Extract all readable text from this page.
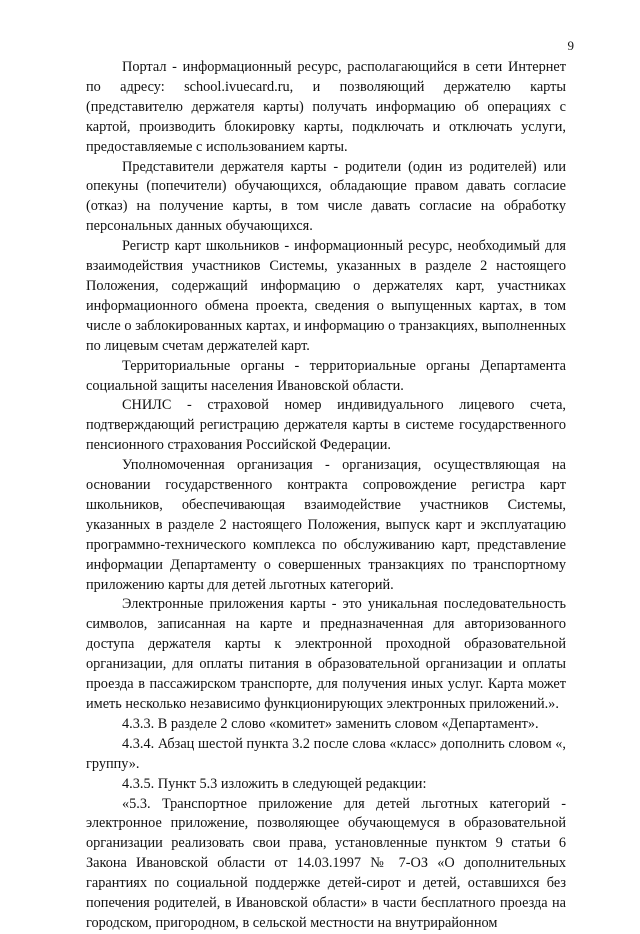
9

Портал - информационный ресурс, располагающийся в сети Интернет по адресу: school.ivuecard.ru, и позволяющий держателю карты (представителю держателя карты) получать информацию об операциях с картой, производить блокировку карты, подключать и отключать услуги, предоставляемые с использованием карты.

Представители держателя карты - родители (один из родителей) или опекуны (попечители) обучающихся, обладающие правом давать согласие (отказ) на получение карты, в том числе давать согласие на обработку персональных данных обучающихся.

Регистр карт школьников - информационный ресурс, необходимый для взаимодействия участников Системы, указанных в разделе 2 настоящего Положения, содержащий информацию о держателях карт, участниках информационного обмена проекта, сведения о выпущенных картах, в том числе о заблокированных картах, и информацию о транзакциях, выполненных по лицевым счетам держателей карт.

Территориальные органы - территориальные органы Департамента социальной защиты населения Ивановской области.

СНИЛС - страховой номер индивидуального лицевого счета, подтверждающий регистрацию держателя карты в системе государственного пенсионного страхования Российской Федерации.

Уполномоченная организация - организация, осуществляющая на основании государственного контракта сопровождение регистра карт школьников, обеспечивающая взаимодействие участников Системы, указанных в разделе 2 настоящего Положения, выпуск карт и эксплуатацию программно-технического комплекса по обслуживанию карт, представление информации Департаменту о совершенных транзакциях по транспортному приложению карты для детей льготных категорий.

Электронные приложения карты - это уникальная последовательность символов, записанная на карте и предназначенная для авторизованного доступа держателя карты к электронной проходной образовательной организации, для оплаты питания в образовательной организации и оплаты проезда в пассажирском транспорте, для получения иных услуг. Карта может иметь несколько независимо функционирующих электронных приложений.».

4.3.3. В разделе 2 слово «комитет» заменить словом «Департамент».

4.3.4. Абзац шестой пункта 3.2 после слова «класс» дополнить словом «, группу».

4.3.5. Пункт 5.3 изложить в следующей редакции:

«5.3. Транспортное приложение для детей льготных категорий - электронное приложение, позволяющее обучающемуся в образовательной организации реализовать свои права, установленные пунктом 9 статьи 6 Закона Ивановской области от 14.03.1997 № 7-ОЗ «О дополнительных гарантиях по социальной поддержке детей-сирот и детей, оставшихся без попечения родителей, в Ивановской области» в части бесплатного проезда на городском, пригородном, в сельской местности на внутрирайонном
